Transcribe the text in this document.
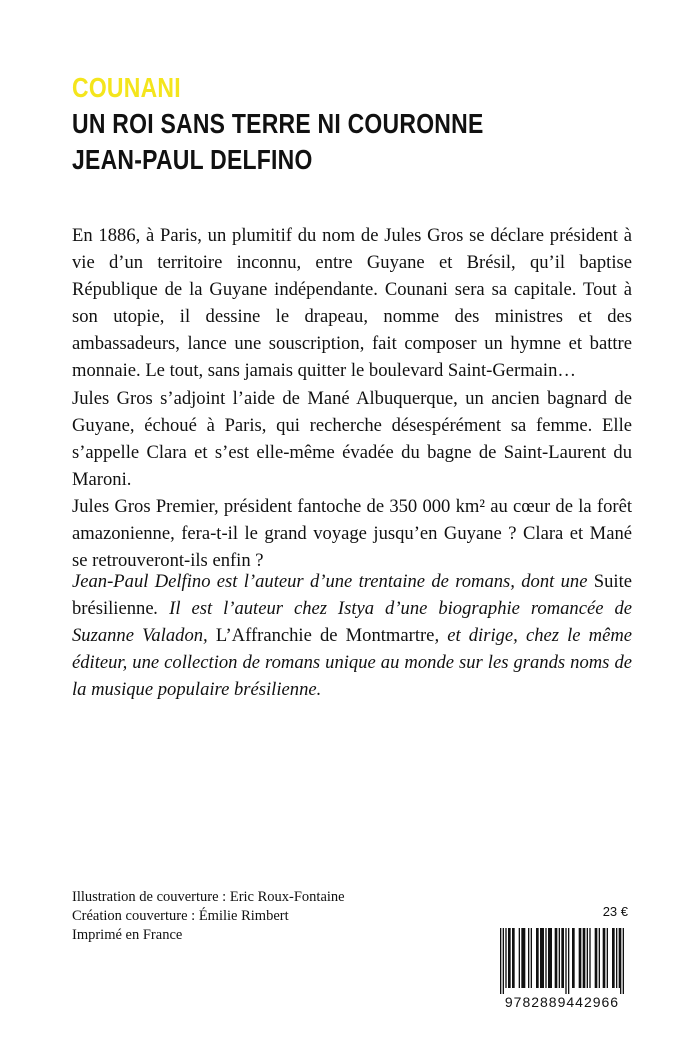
COUNANI
UN ROI SANS TERRE NI COURONNE
JEAN-PAUL DELFINO

En 1886, à Paris, un plumitif du nom de Jules Gros se déclare président à vie d’un territoire inconnu, entre Guyane et Brésil, qu’il baptise République de la Guyane indépendante. Counani sera sa capitale. Tout à son utopie, il dessine le drapeau, nomme des ministres et des ambassadeurs, lance une souscription, fait composer un hymne et battre monnaie. Le tout, sans jamais quitter le boulevard Saint-Germain…

Jules Gros s’adjoint l’aide de Mané Albuquerque, un ancien bagnard de Guyane, échoué à Paris, qui recherche désespérément sa femme. Elle s’appelle Clara et s’est elle-même évadée du bagne de Saint-Laurent du Maroni.

Jules Gros Premier, président fantoche de 350 000 km² au cœur de la forêt amazonienne, fera-t-il le grand voyage jusqu’en Guyane ? Clara et Mané se retrouveront-ils enfin ?

Jean-Paul Delfino est l’auteur d’une trentaine de romans, dont une Suite brésilienne. Il est l’auteur chez Istya d’une biographie romancée de Suzanne Valadon, L’Affranchie de Montmartre, et dirige, chez le même éditeur, une collection de romans unique au monde sur les grands noms de la musique populaire brésilienne.

Illustration de couverture : Eric Roux-Fontaine
Création couverture : Émilie Rimbert
Imprimé en France
23 €
9782889442966
